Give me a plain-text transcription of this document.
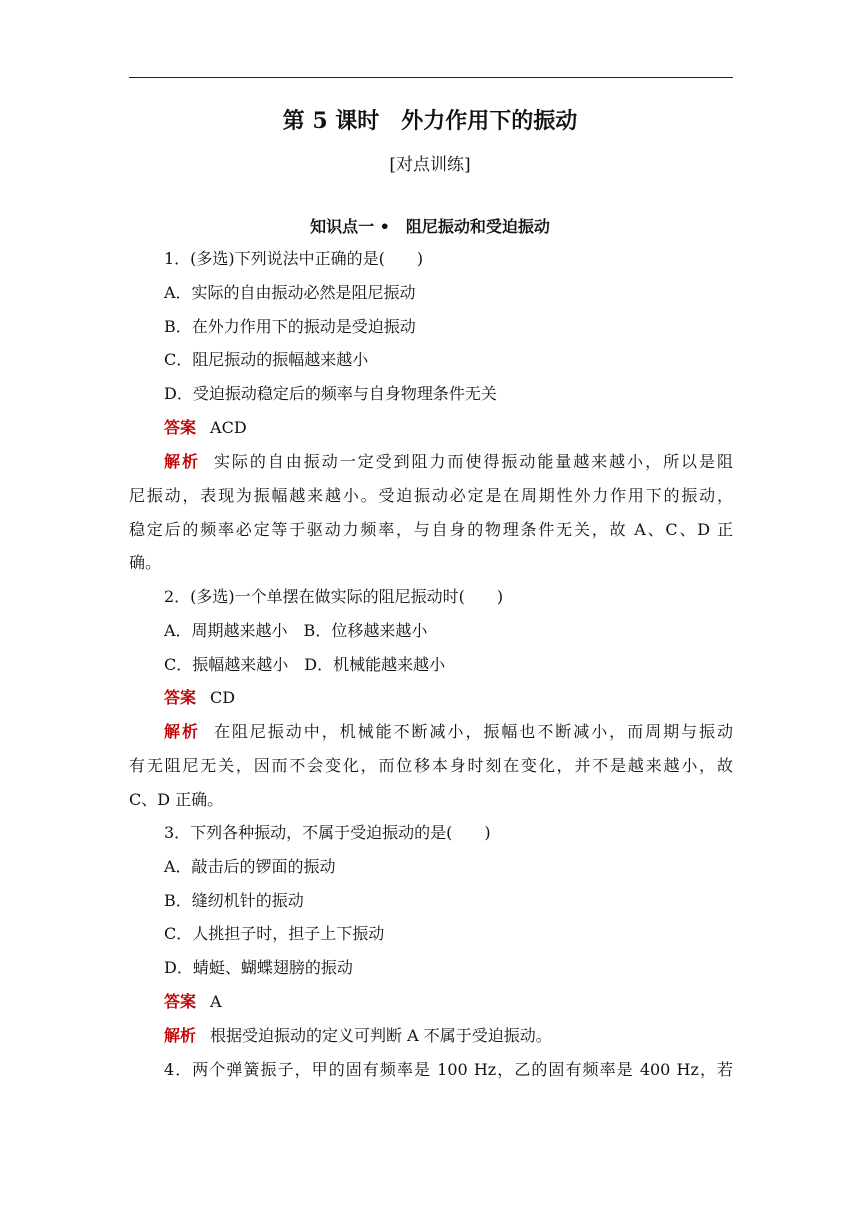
第 5 课时　外力作用下的振动
[对点训练]
知识点一 •　阻尼振动和受迫振动
1．(多选)下列说法中正确的是(　　)
A．实际的自由振动必然是阻尼振动
B．在外力作用下的振动是受迫振动
C．阻尼振动的振幅越来越小
D．受迫振动稳定后的频率与自身物理条件无关
答案 ACD
解析 实际的自由振动一定受到阻力而使得振动能量越来越小，所以是阻
尼振动，表现为振幅越来越小。受迫振动必定是在周期性外力作用下的振动，
稳定后的频率必定等于驱动力频率，与自身的物理条件无关，故 A、C、D 正
确。
2．(多选)一个单摆在做实际的阻尼振动时(　　)
A．周期越来越小　B．位移越来越小
C．振幅越来越小　D．机械能越来越小
答案 CD
解析 在阻尼振动中，机械能不断减小，振幅也不断减小，而周期与振动
有无阻尼无关，因而不会变化，而位移本身时刻在变化，并不是越来越小，故
C、D 正确。
3．下列各种振动，不属于受迫振动的是(　　)
A．敲击后的锣面的振动
B．缝纫机针的振动
C．人挑担子时，担子上下振动
D．蜻蜓、蝴蝶翅膀的振动
答案 A
解析 根据受迫振动的定义可判断 A 不属于受迫振动。
4．两个弹簧振子，甲的固有频率是 100 Hz，乙的固有频率是 400 Hz，若
